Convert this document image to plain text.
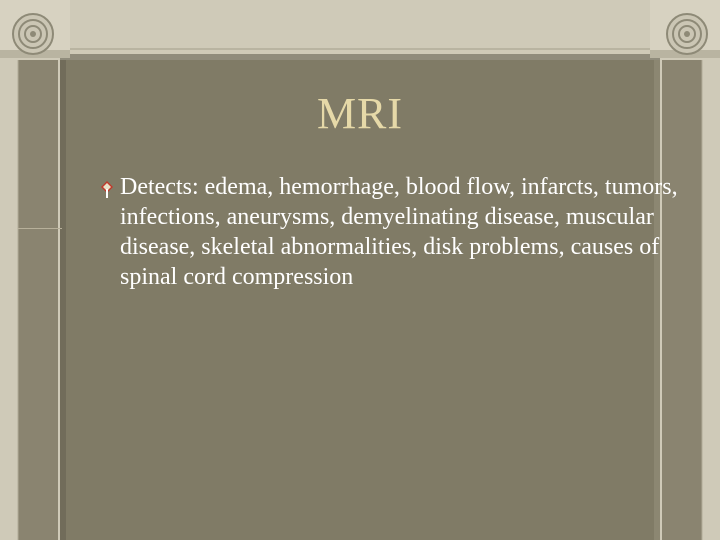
MRI
Detects: edema, hemorrhage, blood flow, infarcts, tumors, infections, aneurysms, demyelinating disease, muscular disease, skeletal abnormalities, disk problems, causes of spinal cord compression
